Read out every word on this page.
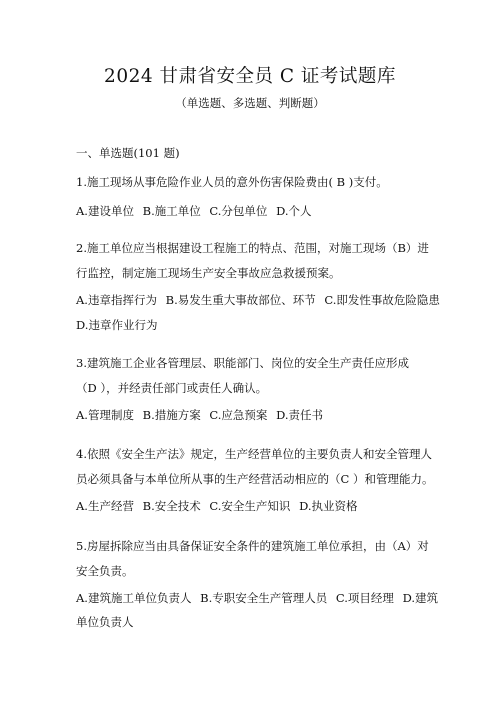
2024 甘肃省安全员 C 证考试题库
（单选题、多选题、判断题）
一、单选题(101 题)
1.施工现场从事危险作业人员的意外伤害保险费由( B )支付。
A.建设单位 B.施工单位 C.分包单位 D.个人
2.施工单位应当根据建设工程施工的特点、范围，对施工现场（B）进
行监控，制定施工现场生产安全事故应急救援预案。
A.违章指挥行为 B.易发生重大事故部位、环节 C.即发性事故危险隐患
D.违章作业行为
3.建筑施工企业各管理层、职能部门、岗位的安全生产责任应形成
（D ），并经责任部门或责任人确认。
A.管理制度 B.措施方案 C.应急预案 D.责任书
4.依照《安全生产法》规定，生产经营单位的主要负责人和安全管理人
员必须具备与本单位所从事的生产经营活动相应的（C ）和管理能力。
A.生产经营 B.安全技术 C.安全生产知识 D.执业资格
5.房屋拆除应当由具备保证安全条件的建筑施工单位承担，由（A）对
安全负责。
A.建筑施工单位负责人 B.专职安全生产管理人员 C.项目经理 D.建筑
单位负责人
